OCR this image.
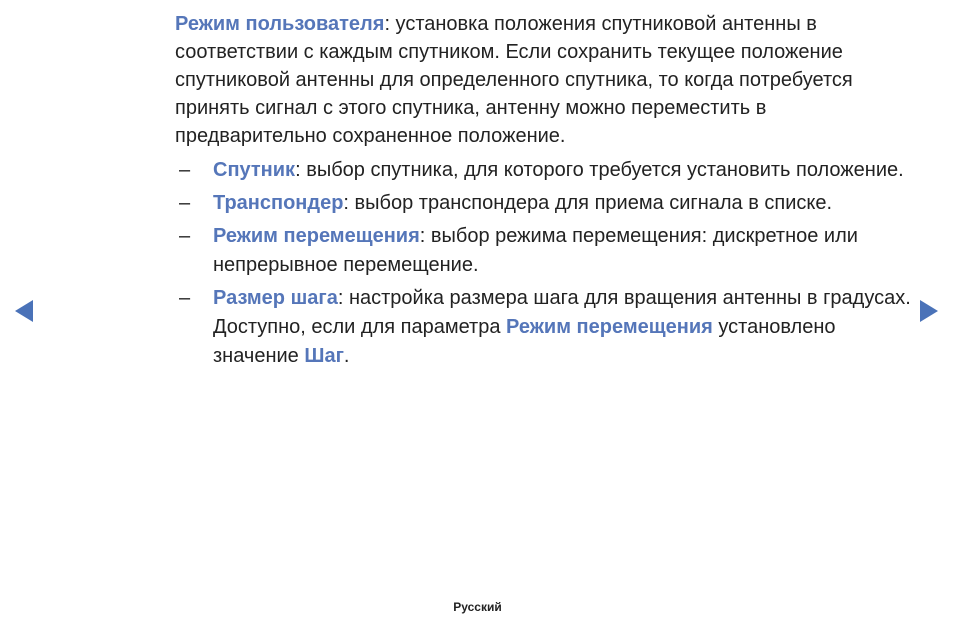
Режим пользователя: установка положения спутниковой антенны в соответствии с каждым спутником. Если сохранить текущее положение спутниковой антенны для определенного спутника, то когда потребуется принять сигнал с этого спутника, антенну можно переместить в предварительно сохраненное положение.

– Спутник: выбор спутника, для которого требуется установить положение.
– Транспондер: выбор транспондера для приема сигнала в списке.
– Режим перемещения: выбор режима перемещения: дискретное или непрерывное перемещение.
– Размер шага: настройка размера шага для вращения антенны в градусах. Доступно, если для параметра Режим перемещения установлено значение Шаг.
Русский
